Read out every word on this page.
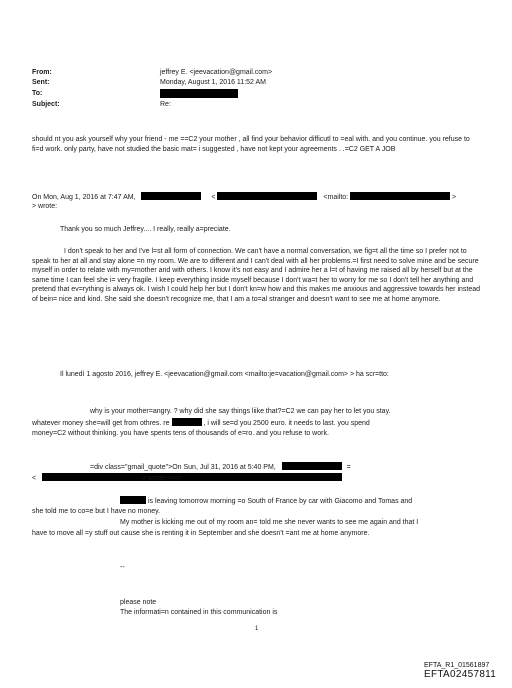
From:	jeffrey E. <jeevacation@gmail.com>
Sent:	Monday, August 1, 2016 11:52 AM
To:
Subject:	Re:
should nt you ask yourself why your friend - me ==C2 your mother , all find your behavior difficutl to =eal with. and you continue. you refuse to fi=d work. only party, have not studied the basic mat= i suggested , have not kept your agreements . .=C2 GET A JOB
On Mon, Aug 1, 2016 at 7:47 AM,	<	<mailto:	>
> wrote:
Thank you so much Jeffrey.... I really, really a=preciate.
I don't speak to her and I've l=st all form of connection. We can't have a normal conversation, we fig=t all the time so I prefer not to speak to her at all and stay alone =n my room. We are to different and I can't deal with all her problems.=I first need to solve mine and be secure myself in order to relate with my=mother and with others. I know it's not easy and I admire her a l=t of having me raised all by herself but at the same time I can feel she i= very fragile. I keep everything inside myself because I don't wa=t her to worry for me so I don't tell her anything and pretend that ev=rything is always ok. I wish I could help her but I don't kn=w how and this makes me anxious and aggressive towards her instead of bein= nice and kind. She said she doesn't recognize me, that I am a to=al stranger and doesn't want to see me at home anymore.
Il lunedì 1 agosto 2016, jeffrey E. <jeevacation@gmail.com <mailto:je=vacation@gmail.com> > ha scr=tto:
why is your mother=angry. ? why did she say things liike that?=C2 we can pay her to let you stay.
whatever money she=will get from othres. re	, i will se=d you 2500 euro. it needs to last. you spend
money=C2 without thinking. you have spents tens of thousands of e=ro. and you refuse to work.
=div class="gmail_quote">On Sun, Jul 31, 2016 at 5:40 PM,	=
<	> wrote:<=r>
is leaving tomorrow morning =o South of France by car with Giacomo and Tomas and
she told me to co=e but I have no money.
My mother is kicking me out of my room an= told me she never wants to see me again and that I
have to move all =y stuff out cause she is renting it in September and she doesn't =ant me at home anymore.
--
please note
The informati=n contained in this communication is
1
EFTA_R1_01561897
EFTA02457811
